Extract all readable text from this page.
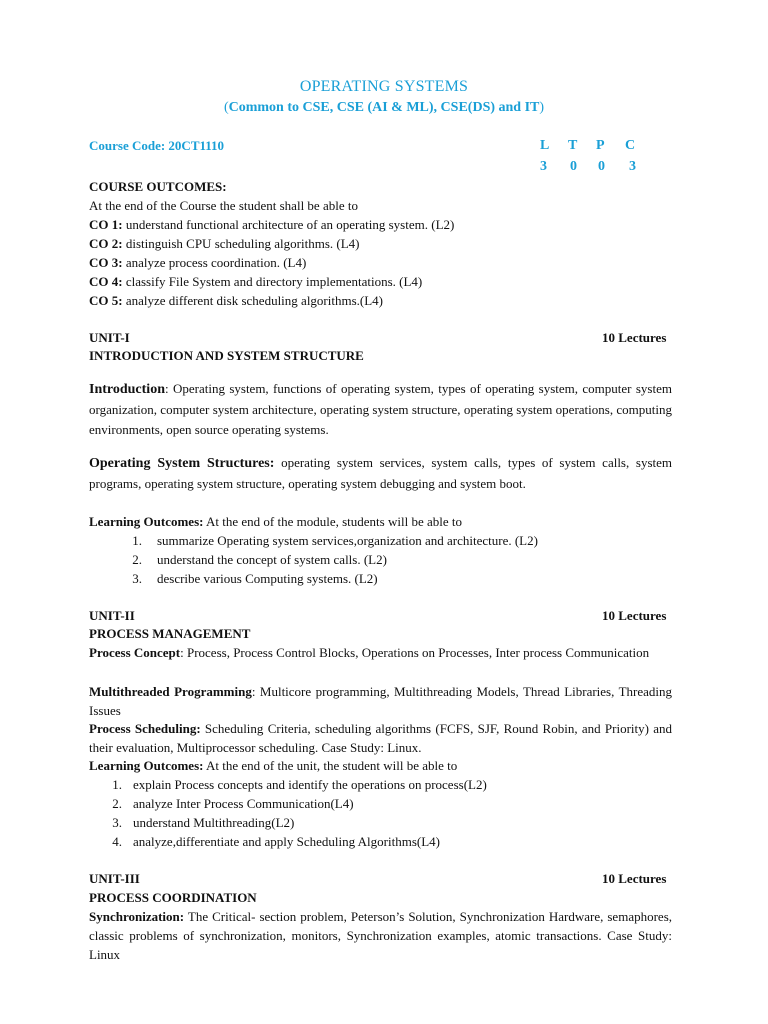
OPERATING SYSTEMS
(Common to CSE, CSE (AI & ML), CSE(DS) and IT)
Course Code: 20CT1110	L T P C
3 0 0 3
COURSE OUTCOMES:
At the end of the Course the student shall be able to
CO 1: understand functional architecture of an operating system. (L2)
CO 2: distinguish CPU scheduling algorithms. (L4)
CO 3: analyze process coordination. (L4)
CO 4: classify File System and directory implementations. (L4)
CO 5: analyze different disk scheduling algorithms.(L4)
UNIT-I	10 Lectures
INTRODUCTION AND SYSTEM STRUCTURE
Introduction: Operating system, functions of operating system, types of operating system, computer system organization, computer system architecture, operating system structure, operating system operations, computing environments, open source operating systems.
Operating System Structures: operating system services, system calls, types of system calls, system programs, operating system structure, operating system debugging and system boot.
Learning Outcomes: At the end of the module, students will be able to
1. summarize Operating system services,organization and architecture. (L2)
2. understand the concept of system calls. (L2)
3. describe various Computing systems. (L2)
UNIT-II	10 Lectures
PROCESS MANAGEMENT
Process Concept: Process, Process Control Blocks, Operations on Processes, Inter process Communication
Multithreaded Programming: Multicore programming, Multithreading Models, Thread Libraries, Threading Issues
Process Scheduling: Scheduling Criteria, scheduling algorithms (FCFS, SJF, Round Robin, and Priority) and their evaluation, Multiprocessor scheduling. Case Study: Linux.
Learning Outcomes: At the end of the unit, the student will be able to
1. explain Process concepts and identify the operations on process(L2)
2. analyze Inter Process Communication(L4)
3. understand Multithreading(L2)
4. analyze,differentiate and apply Scheduling Algorithms(L4)
UNIT-III	10 Lectures
PROCESS COORDINATION
Synchronization: The Critical- section problem, Peterson’s Solution, Synchronization Hardware, semaphores, classic problems of synchronization, monitors, Synchronization examples, atomic transactions. Case Study: Linux
